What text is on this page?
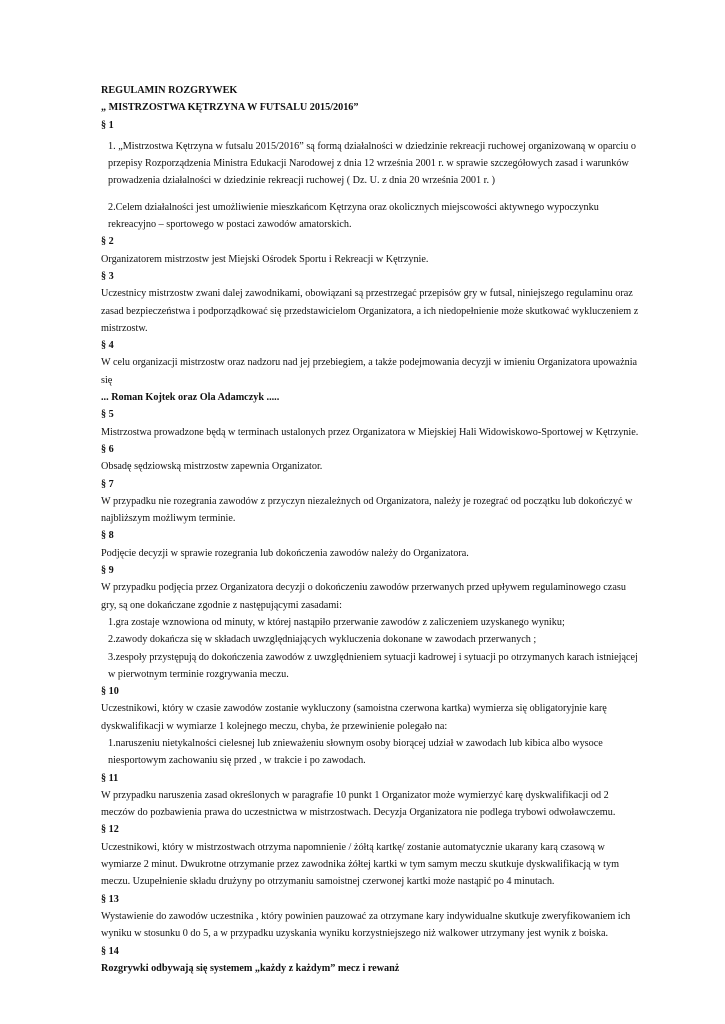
REGULAMIN ROZGRYWEK

„ MISTRZOSTWA KĘTRZYNA W FUTSALU 2015/2016”

§ 1

1. „Mistrzostwa Kętrzyna w futsalu 2015/2016” są formą działalności w dziedzinie rekreacji ruchowej organizowaną w oparciu o przepisy Rozporządzenia Ministra Edukacji Narodowej z dnia 12 września 2001 r. w sprawie szczegółowych zasad i warunków prowadzenia działalności w dziedzinie rekreacji ruchowej ( Dz. U. z dnia 20 września 2001 r. )

2.Celem działalności jest umożliwienie mieszkańcom Kętrzyna oraz okolicznych miejscowości aktywnego wypoczynku rekreacyjno – sportowego w postaci zawodów amatorskich.

§ 2

Organizatorem mistrzostw jest Miejski Ośrodek Sportu i Rekreacji w Kętrzynie.

§ 3

Uczestnicy mistrzostw zwani dalej zawodnikami, obowiązani są przestrzegać przepisów gry w futsal, niniejszego regulaminu oraz zasad bezpieczeństwa i podporządkować się przedstawicielom Organizatora, a ich niedopełnienie może skutkować wykluczeniem z mistrzostw.

§ 4

W celu organizacji mistrzostw oraz nadzoru nad jej przebiegiem, a także podejmowania decyzji w imieniu Organizatora upoważnia się

... Roman Kojtek oraz Ola Adamczyk .....

§ 5

Mistrzostwa prowadzone będą w terminach ustalonych przez Organizatora w Miejskiej Hali Widowiskowo-Sportowej w Kętrzynie.

§ 6

Obsadę sędziowską mistrzostw zapewnia Organizator.

§ 7

W przypadku nie rozegrania zawodów z przyczyn niezależnych od Organizatora, należy je rozegrać od początku lub dokończyć w najbliższym możliwym terminie.

§ 8

Podjęcie decyzji w sprawie rozegrania lub dokończenia zawodów należy do Organizatora.

§ 9

W przypadku podjęcia przez Organizatora decyzji o dokończeniu zawodów przerwanych przed upływem regulaminowego czasu gry, są one dokańczane zgodnie z następującymi zasadami:

1.gra zostaje wznowiona od minuty, w której nastąpiło przerwanie zawodów z zaliczeniem uzyskanego wyniku;

2.zawody dokańcza się w składach uwzględniających wykluczenia dokonane w zawodach przerwanych ;

3.zespoły przystępują do dokończenia zawodów z uwzględnieniem sytuacji kadrowej i sytuacji po otrzymanych karach istniejącej w pierwotnym terminie rozgrywania meczu.

§ 10

Uczestnikowi, który w czasie zawodów zostanie wykluczony (samoistna czerwona kartka) wymierza się obligatoryjnie karę dyskwalifikacji w wymiarze 1 kolejnego meczu, chyba, że przewinienie polegało na:

1.naruszeniu nietykalności cielesnej lub znieważeniu słownym osoby biorącej udział w zawodach lub kibica albo wysoce niesportowym zachowaniu się przed , w trakcie i po zawodach.

§ 11

W przypadku naruszenia zasad określonych w paragrafie 10 punkt 1 Organizator może wymierzyć karę dyskwalifikacji od 2 meczów do pozbawienia prawa do uczestnictwa w mistrzostwach. Decyzja Organizatora nie podlega trybowi odwoławczemu.

§ 12

Uczestnikowi, który w mistrzostwach otrzyma napomnienie / żółtą kartkę/ zostanie automatycznie ukarany karą czasową w wymiarze 2 minut. Dwukrotne otrzymanie przez zawodnika żółtej kartki w tym samym meczu skutkuje dyskwalifikacją w tym meczu. Uzupełnienie składu drużyny po otrzymaniu samoistnej czerwonej kartki może nastąpić po 4 minutach.

§ 13

Wystawienie do zawodów uczestnika , który powinien pauzować za otrzymane kary indywidualne skutkuje zweryfikowaniem ich wyniku w stosunku 0 do 5, a w przypadku uzyskania wyniku korzystniejszego niż walkower utrzymany jest wynik z boiska.

§ 14

Rozgrywki odbywają się systemem „każdy z każdym” mecz i rewanż
